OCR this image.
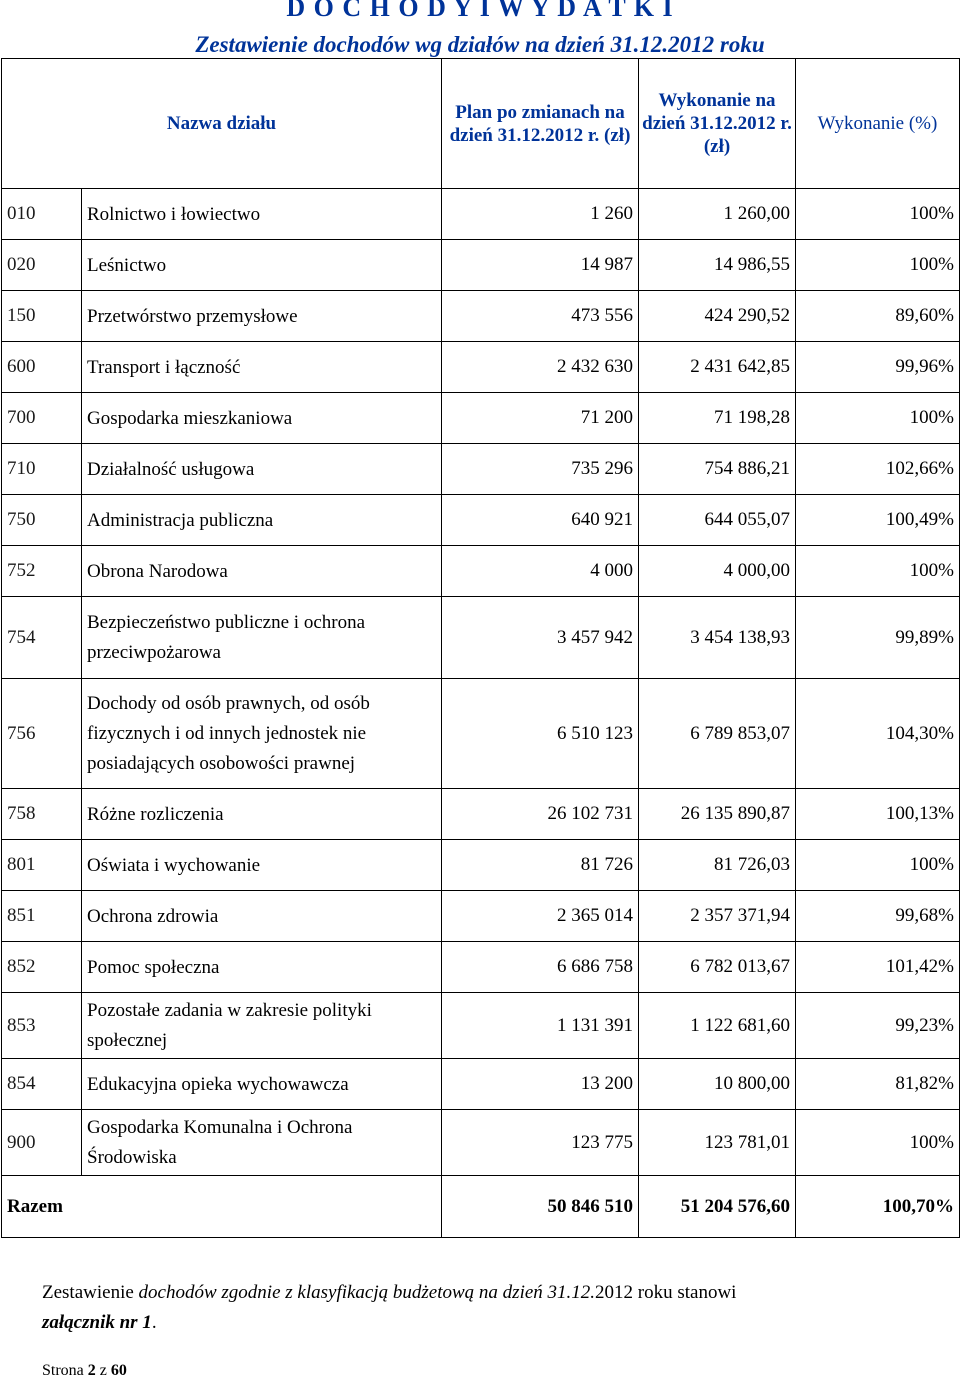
D O C H O D Y I W Y D A T K I
Zestawienie dochodów wg działów na dzień 31.12.2012 roku
Nazwa działu		Plan po zmianach na dzień 31.12.2012 r. (zł)	Wykonanie na dzień 31.12.2012 r.(zł)	Wykonanie (%)
010	Rolnictwo i łowiectwo	1 260	1 260,00	100%
020	Leśnictwo	14 987	14 986,55	100%
150	Przetwórstwo przemysłowe	473 556	424 290,52	89,60%
600	Transport i łączność	2 432 630	2 431 642,85	99,96%
700	Gospodarka mieszkaniowa	71 200	71 198,28	100%
710	Działalność usługowa	735 296	754 886,21	102,66%
750	Administracja publiczna	640 921	644 055,07	100,49%
752	Obrona Narodowa	4 000	4 000,00	100%
754	Bezpieczeństwo publiczne i ochrona przeciwpożarowa	3 457 942	3 454 138,93	99,89%
756	Dochody od osób prawnych, od osób fizycznych i od innych jednostek nie posiadających osobowości prawnej	6 510 123	6 789 853,07	104,30%
758	Różne rozliczenia	26 102 731	26 135 890,87	100,13%
801	Oświata i wychowanie	81 726	81 726,03	100%
851	Ochrona zdrowia	2 365 014	2 357 371,94	99,68%
852	Pomoc społeczna	6 686 758	6 782 013,67	101,42%
853	Pozostałe zadania w zakresie polityki społecznej	1 131 391	1 122 681,60	99,23%
854	Edukacyjna opieka wychowawcza	13 200	10 800,00	81,82%
900	Gospodarka Komunalna i Ochrona Środowiska	123 775	123 781,01	100%
Razem		50 846 510	51 204 576,60	100,70%
Zestawienie dochodów zgodnie z klasyfikacją budżetową na dzień 31.12.2012 roku stanowi
załącznik nr 1.
Strona 2 z 60
